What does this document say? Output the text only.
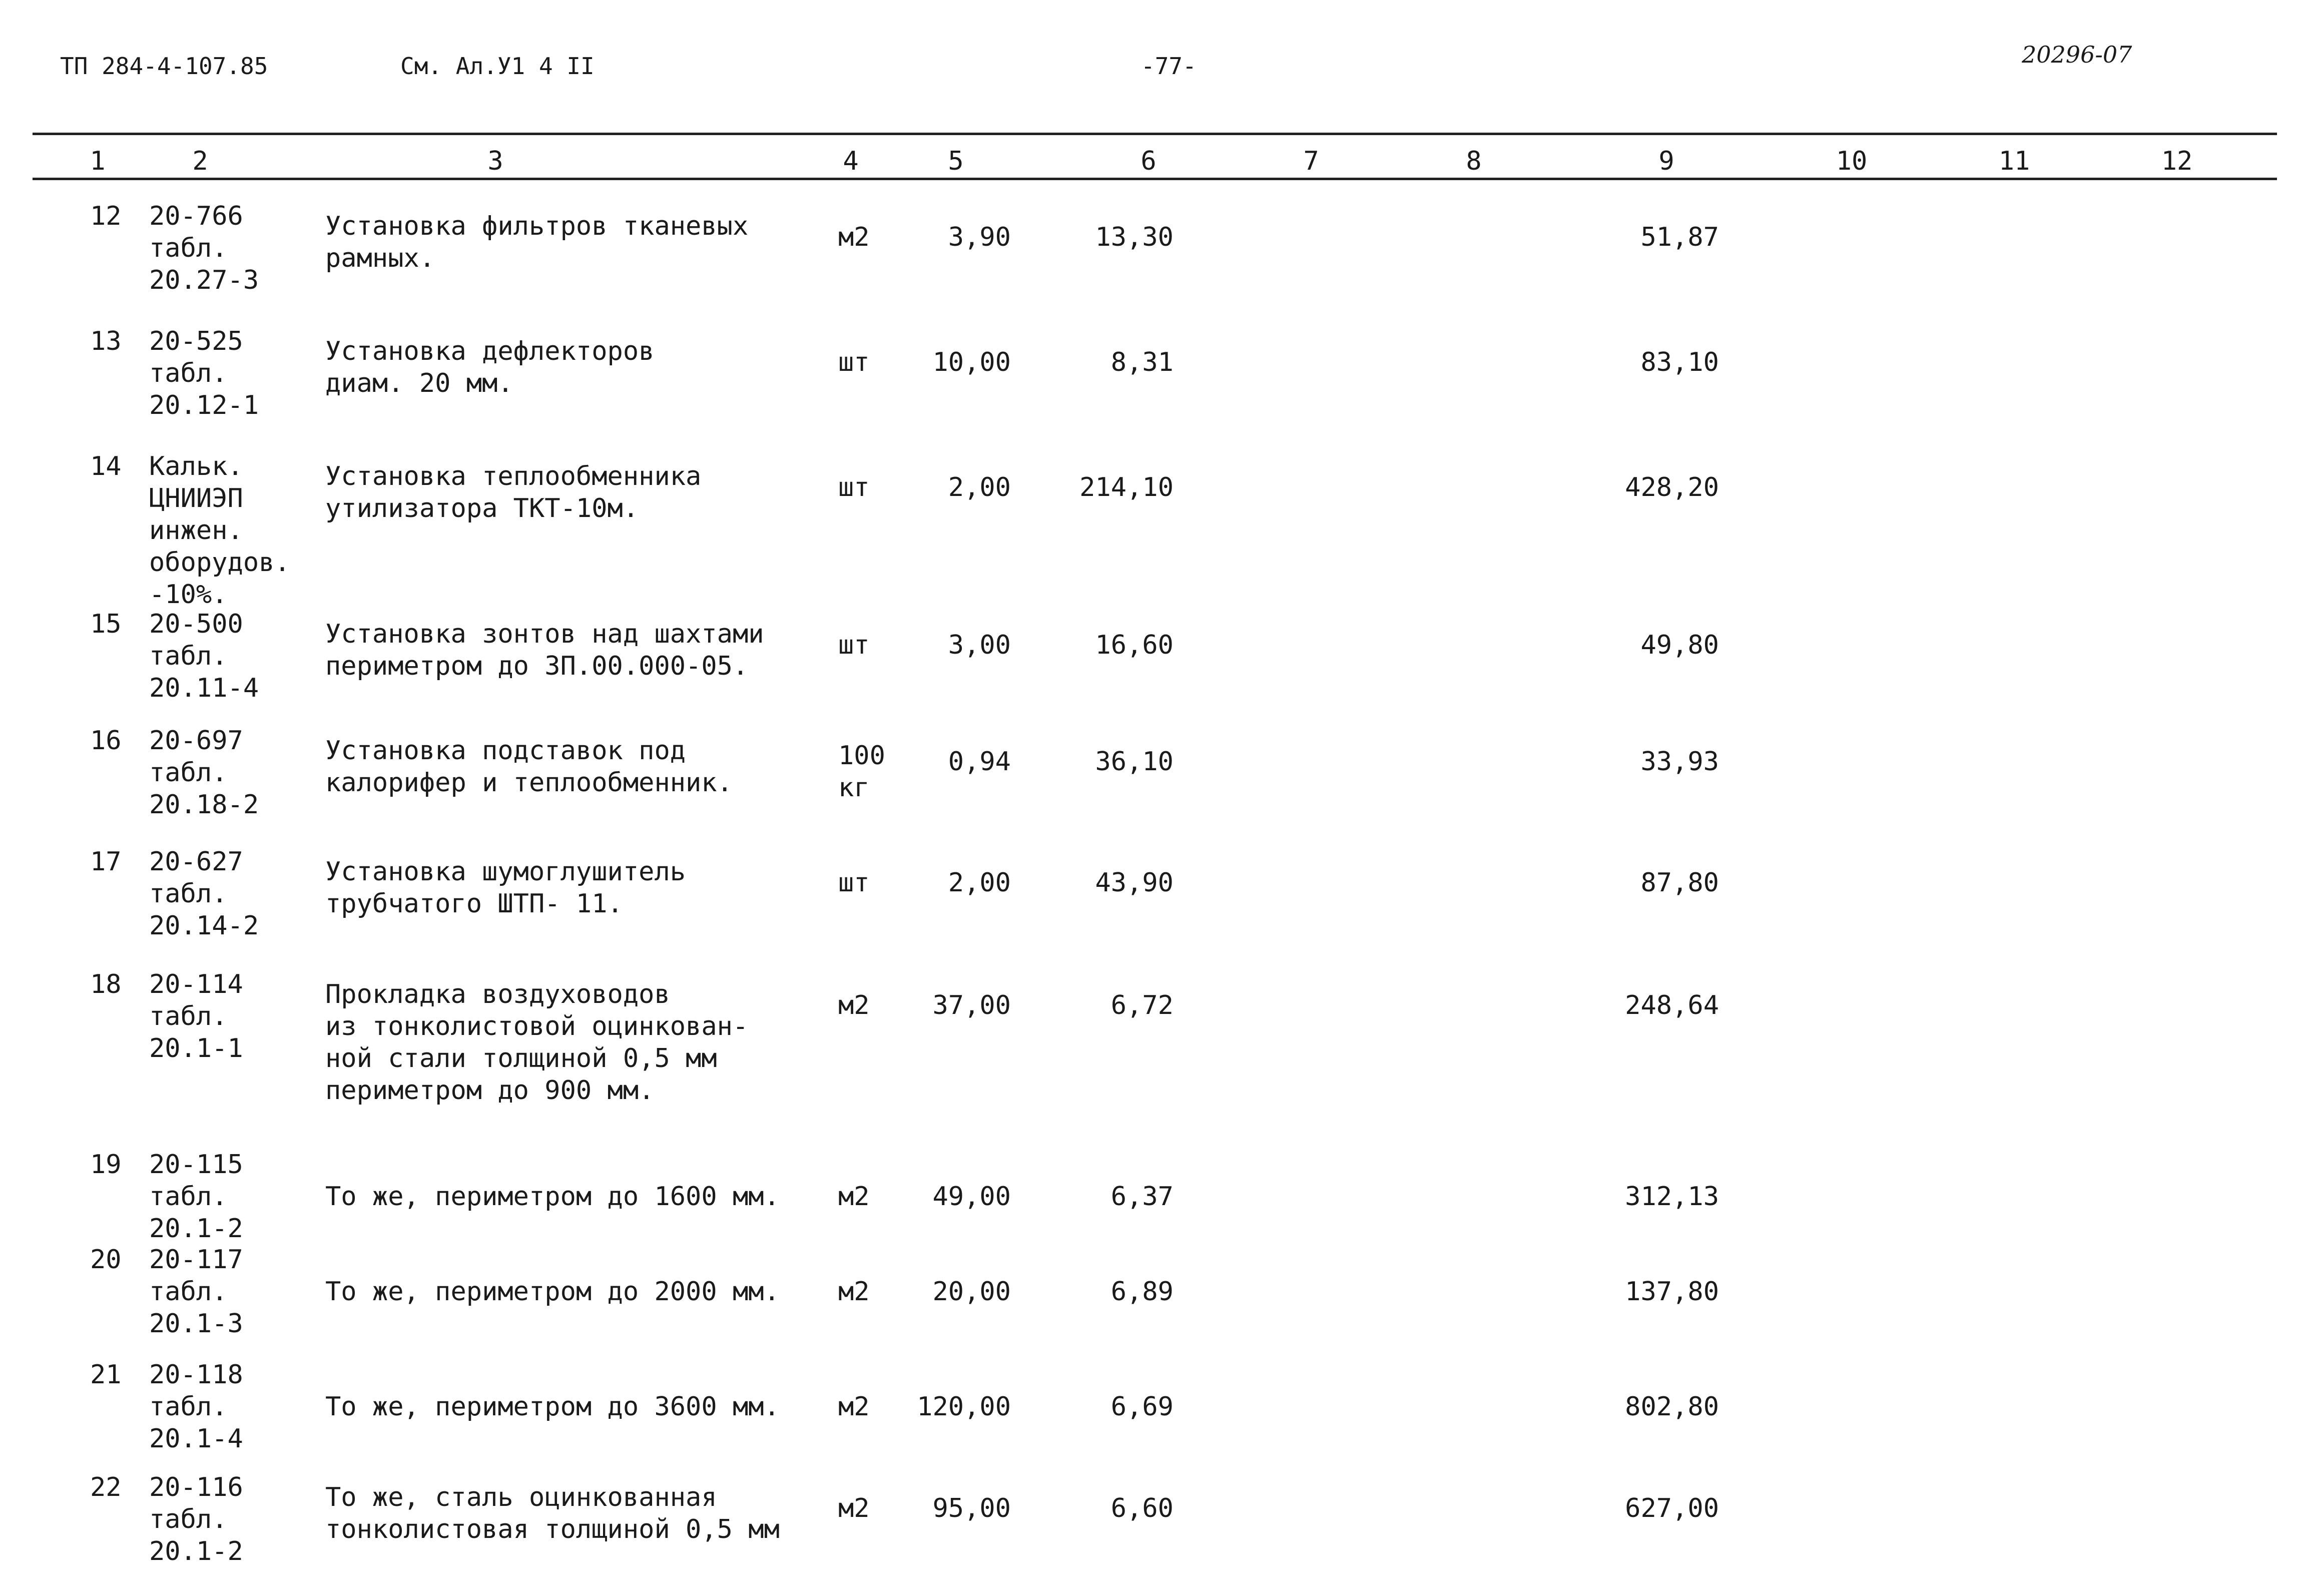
ТП 284-4-107.85	См. Ал.У1 4 II	-77-	20296-07
1	2	3	4	5	6	7	8	9	10	11	12
12 20-766
табл.
20.27-3
Установка фильтров тканевых
рамных.
м2	3,90	13,30	51,87
13 20-525
табл.
20.12-1
Установка дефлекторов
диам. 20 мм.
шт	10,00	8,31	83,10
14 Кальк.
ЦНИИЭП
инжен.
оборудов.
-10%.
Установка теплообменника
утилизатора ТКТ-10м.
шт	2,00	214,10	428,20
15 20-500
табл.
20.11-4
Установка зонтов над шахтами
периметром до 3П.00.000-05.
шт	3,00	16,60	49,80
16 20-697
табл.
20.18-2
Установка подставок под
калорифер и теплообменник.
100
кг
0,94	36,10	33,93
17 20-627
табл.
20.14-2
Установка шумоглушитель
трубчатого ШТП- 11.
шт	2,00	43,90	87,80
18 20-114
табл.
20.1-1
Прокладка воздуховодов
из тонколистовой оцинкован-
ной стали толщиной 0,5 мм
периметром до 900 мм.
м2	37,00	6,72	248,64
19 20-115
табл.
20.1-2
То же, периметром до 1600 мм. м2	49,00	6,37	312,13
20 20-117
табл.
20.1-3
То же, периметром до 2000 мм. м2	20,00	6,89	137,80
21 20-118
табл.
20.1-4
То же, периметром до 3600 мм. м2	120,00	6,69	802,80
22 20-116
табл.
20.1-2
То же, сталь оцинкованная
тонколистовая толщиной 0,5 мм
м2	95,00	6,60	627,00
